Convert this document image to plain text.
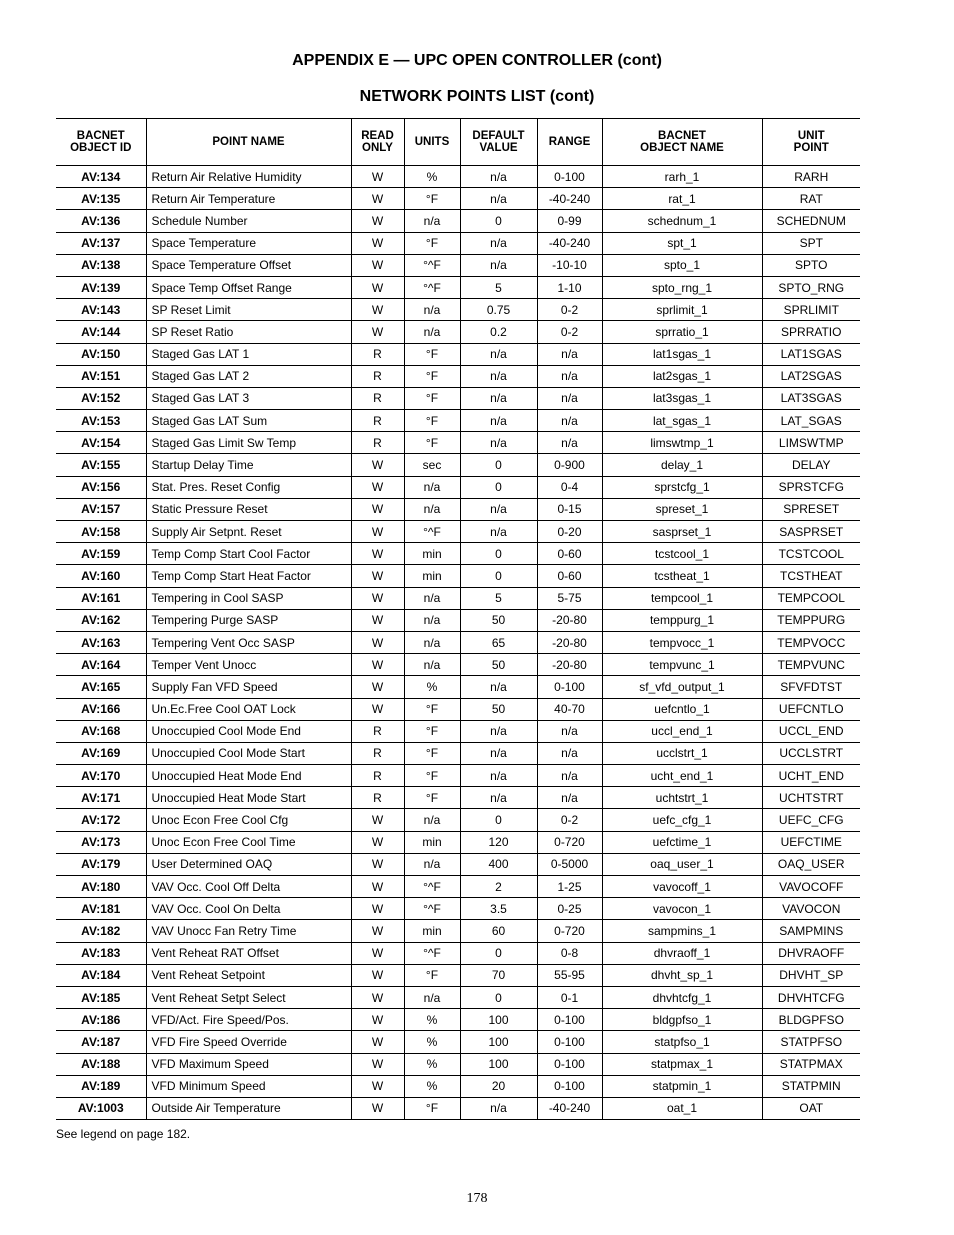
APPENDIX E — UPC OPEN CONTROLLER (cont)
NETWORK POINTS LIST (cont)
BACNET
OBJECT ID	POINT NAME	READ
ONLY	UNITS	DEFAULT
VALUE	RANGE	BACNET
OBJECT NAME	UNIT
POINT
AV:134	Return Air Relative Humidity	W	%	n/a	0-100	rarh_1	RARH
AV:135	Return Air Temperature	W	°F	n/a	-40-240	rat_1	RAT
AV:136	Schedule Number	W	n/a	0	0-99	schednum_1	SCHEDNUM
AV:137	Space Temperature	W	°F	n/a	-40-240	spt_1	SPT
AV:138	Space Temperature Offset	W	°^F	n/a	-10-10	spto_1	SPTO
AV:139	Space Temp Offset Range	W	°^F	5	1-10	spto_rng_1	SPTO_RNG
AV:143	SP Reset Limit	W	n/a	0.75	0-2	sprlimit_1	SPRLIMIT
AV:144	SP Reset Ratio	W	n/a	0.2	0-2	sprratio_1	SPRRATIO
AV:150	Staged Gas LAT 1	R	°F	n/a	n/a	lat1sgas_1	LAT1SGAS
AV:151	Staged Gas LAT 2	R	°F	n/a	n/a	lat2sgas_1	LAT2SGAS
AV:152	Staged Gas LAT 3	R	°F	n/a	n/a	lat3sgas_1	LAT3SGAS
AV:153	Staged Gas LAT Sum	R	°F	n/a	n/a	lat_sgas_1	LAT_SGAS
AV:154	Staged Gas Limit Sw Temp	R	°F	n/a	n/a	limswtmp_1	LIMSWTMP
AV:155	Startup Delay Time	W	sec	0	0-900	delay_1	DELAY
AV:156	Stat. Pres. Reset Config	W	n/a	0	0-4	sprstcfg_1	SPRSTCFG
AV:157	Static Pressure Reset	W	n/a	n/a	0-15	spreset_1	SPRESET
AV:158	Supply Air Setpnt. Reset	W	°^F	n/a	0-20	sasprset_1	SASPRSET
AV:159	Temp Comp Start Cool Factor	W	min	0	0-60	tcstcool_1	TCSTCOOL
AV:160	Temp Comp Start Heat Factor	W	min	0	0-60	tcstheat_1	TCSTHEAT
AV:161	Tempering in Cool SASP	W	n/a	5	5-75	tempcool_1	TEMPCOOL
AV:162	Tempering Purge SASP	W	n/a	50	-20-80	temppurg_1	TEMPPURG
AV:163	Tempering Vent Occ SASP	W	n/a	65	-20-80	tempvocc_1	TEMPVOCC
AV:164	Temper Vent Unocc	W	n/a	50	-20-80	tempvunc_1	TEMPVUNC
AV:165	Supply Fan VFD Speed	W	%	n/a	0-100	sf_vfd_output_1	SFVFDTST
AV:166	Un.Ec.Free Cool OAT Lock	W	°F	50	40-70	uefcntlo_1	UEFCNTLO
AV:168	Unoccupied Cool Mode End	R	°F	n/a	n/a	uccl_end_1	UCCL_END
AV:169	Unoccupied Cool Mode Start	R	°F	n/a	n/a	ucclstrt_1	UCCLSTRT
AV:170	Unoccupied Heat Mode End	R	°F	n/a	n/a	ucht_end_1	UCHT_END
AV:171	Unoccupied Heat Mode Start	R	°F	n/a	n/a	uchtstrt_1	UCHTSTRT
AV:172	Unoc Econ Free Cool Cfg	W	n/a	0	0-2	uefc_cfg_1	UEFC_CFG
AV:173	Unoc Econ Free Cool Time	W	min	120	0-720	uefctime_1	UEFCTIME
AV:179	User Determined OAQ	W	n/a	400	0-5000	oaq_user_1	OAQ_USER
AV:180	VAV Occ. Cool Off Delta	W	°^F	2	1-25	vavocoff_1	VAVOCOFF
AV:181	VAV Occ. Cool On Delta	W	°^F	3.5	0-25	vavocon_1	VAVOCON
AV:182	VAV Unocc Fan Retry Time	W	min	60	0-720	sampmins_1	SAMPMINS
AV:183	Vent Reheat RAT Offset	W	°^F	0	0-8	dhvraoff_1	DHVRAOFF
AV:184	Vent Reheat Setpoint	W	°F	70	55-95	dhvht_sp_1	DHVHT_SP
AV:185	Vent Reheat Setpt Select	W	n/a	0	0-1	dhvhtcfg_1	DHVHTCFG
AV:186	VFD/Act. Fire Speed/Pos.	W	%	100	0-100	bldgpfso_1	BLDGPFSO
AV:187	VFD Fire Speed Override	W	%	100	0-100	statpfso_1	STATPFSO
AV:188	VFD Maximum Speed	W	%	100	0-100	statpmax_1	STATPMAX
AV:189	VFD Minimum Speed	W	%	20	0-100	statpmin_1	STATPMIN
AV:1003	Outside Air Temperature	W	°F	n/a	-40-240	oat_1	OAT
See legend on page 182.
178
